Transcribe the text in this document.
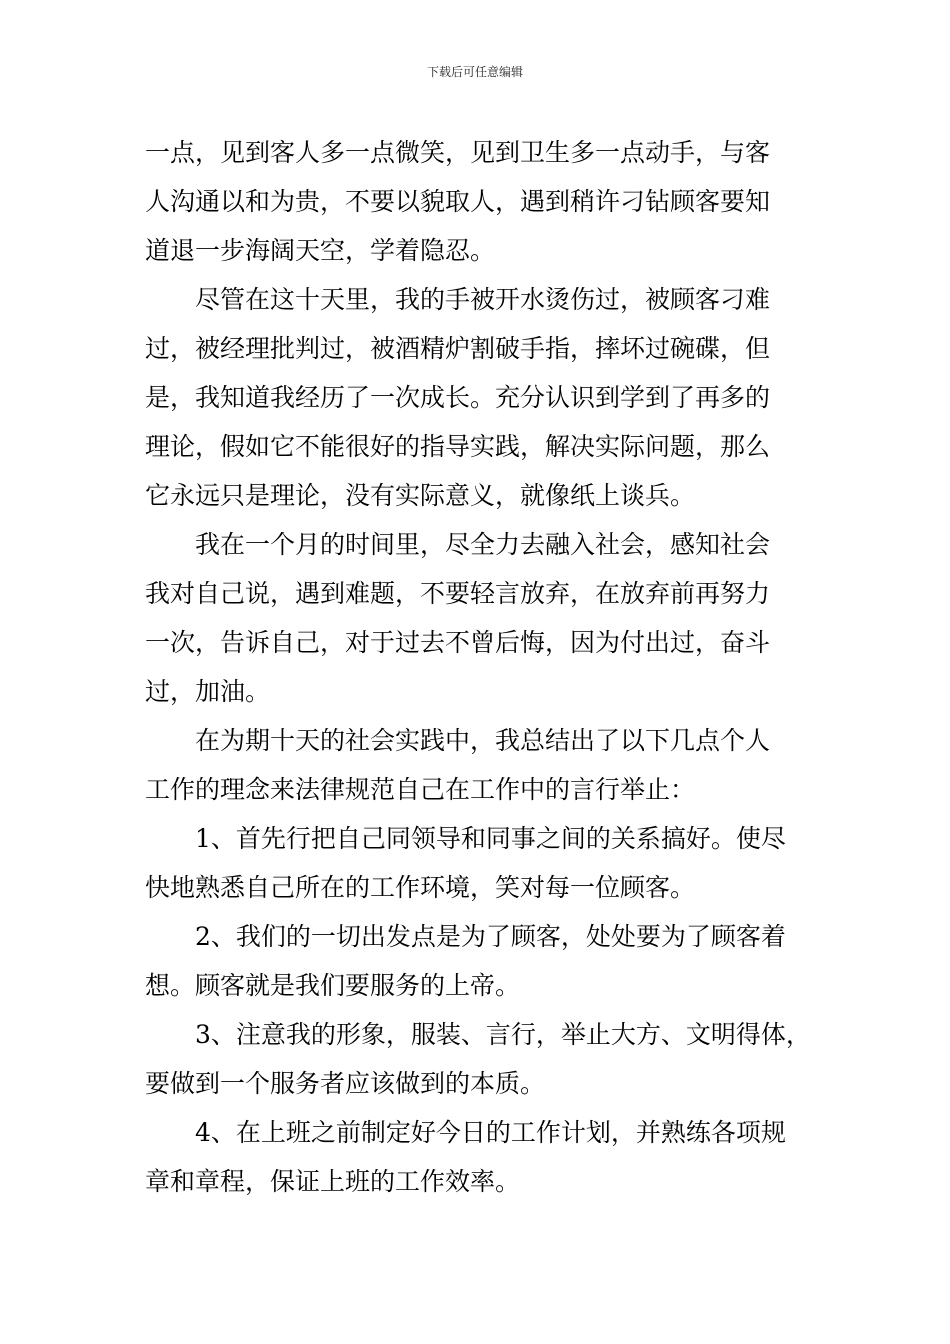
下载后可任意编辑
一点，见到客人多一点微笑，见到卫生多一点动手，与客
人沟通以和为贵，不要以貌取人，遇到稍许刁钻顾客要知
道退一步海阔天空，学着隐忍。
尽管在这十天里，我的手被开水烫伤过，被顾客刁难
过，被经理批判过，被酒精炉割破手指，摔坏过碗碟，但
是，我知道我经历了一次成长。充分认识到学到了再多的
理论，假如它不能很好的指导实践，解决实际问题，那么
它永远只是理论，没有实际意义，就像纸上谈兵。
我在一个月的时间里，尽全力去融入社会，感知社会
我对自己说，遇到难题，不要轻言放弃，在放弃前再努力
一次，告诉自己，对于过去不曾后悔，因为付出过，奋斗
过，加油。
在为期十天的社会实践中，我总结出了以下几点个人
工作的理念来法律规范自己在工作中的言行举止：
1、首先行把自己同领导和同事之间的关系搞好。使尽
快地熟悉自己所在的工作环境，笑对每一位顾客。
2、我们的一切出发点是为了顾客，处处要为了顾客着
想。顾客就是我们要服务的上帝。
3、注意我的形象，服装、言行，举止大方、文明得体，
要做到一个服务者应该做到的本质。
4、在上班之前制定好今日的工作计划，并熟练各项规
章和章程，保证上班的工作效率。
